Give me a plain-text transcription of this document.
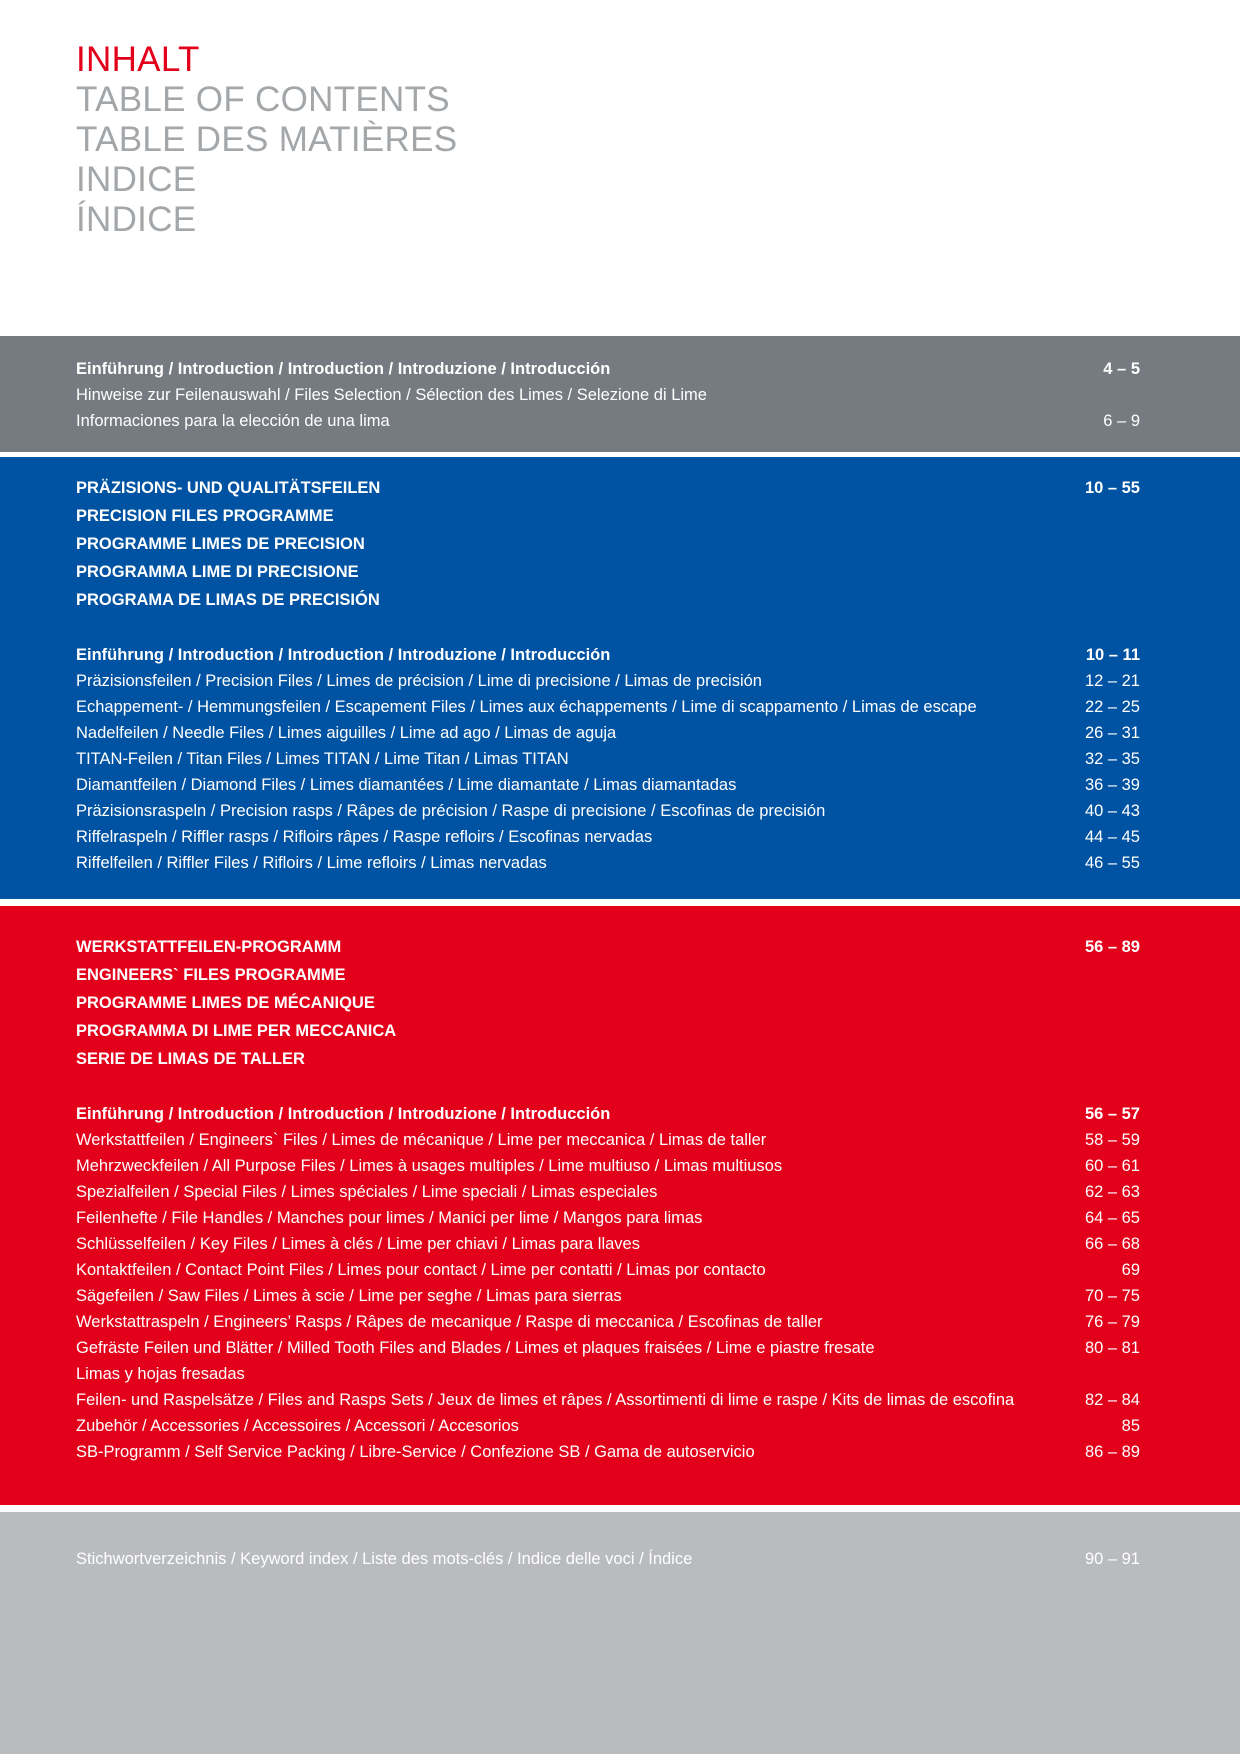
INHALT
TABLE OF CONTENTS
TABLE DES MATIÈRES
INDICE
ÍNDICE
Einführung / Introduction / Introduction / Introduzione / Introducción	4 – 5
Hinweise zur Feilenauswahl / Files Selection / Sélection des Limes / Selezione di Lime
Informaciones para la elección de una lima	6 – 9
PRÄZISIONS- UND QUALITÄTSFEILEN	10 – 55
PRECISION FILES PROGRAMME
PROGRAMME LIMES DE PRECISION
PROGRAMMA LIME DI PRECISIONE
PROGRAMA DE LIMAS DE PRECISIÓN
Einführung / Introduction / Introduction / Introduzione / Introducción	10 – 11
Präzisionsfeilen / Precision Files / Limes de précision / Lime di precisione / Limas de precisión	12 – 21
Echappement- / Hemmungsfeilen / Escapement Files / Limes aux échappements / Lime di scappamento / Limas de escape	22 – 25
Nadelfeilen / Needle Files / Limes aiguilles / Lime ad ago / Limas de aguja	26 – 31
TITAN-Feilen / Titan Files / Limes TITAN / Lime Titan / Limas TITAN	32 – 35
Diamantfeilen / Diamond Files / Limes diamantées / Lime diamantate / Limas diamantadas	36 – 39
Präzisionsraspeln / Precision rasps / Râpes de précision / Raspe di precisione / Escofinas de precisión	40 – 43
Riffelraspeln / Riffler rasps / Rifloirs râpes / Raspe refloirs / Escofinas nervadas	44 – 45
Riffelfeilen / Riffler Files / Rifloirs / Lime refloirs / Limas nervadas	46 – 55
WERKSTATTFEILEN-PROGRAMM	56 – 89
ENGINEERS` FILES PROGRAMME
PROGRAMME LIMES DE MÉCANIQUE
PROGRAMMA DI LIME PER MECCANICA
SERIE DE LIMAS DE TALLER
Einführung / Introduction / Introduction / Introduzione / Introducción	56 – 57
Werkstattfeilen / Engineers` Files / Limes de mécanique / Lime per meccanica / Limas de taller	58 – 59
Mehrzweckfeilen / All Purpose Files / Limes à usages multiples / Lime multiuso / Limas multiusos	60 – 61
Spezialfeilen / Special Files / Limes spéciales / Lime speciali / Limas especiales	62 – 63
Feilenhefte / File Handles / Manches pour limes / Manici per lime / Mangos para limas	64 – 65
Schlüsselfeilen / Key Files / Limes à clés / Lime per chiavi / Limas para llaves	66 – 68
Kontaktfeilen / Contact Point Files / Limes pour contact / Lime per contatti / Limas por contacto	69
Sägefeilen / Saw Files / Limes à scie / Lime per seghe / Limas para sierras	70 – 75
Werkstattraspeln / Engineers’ Rasps / Râpes de mecanique / Raspe di meccanica / Escofinas de taller	76 – 79
Gefräste Feilen und Blätter / Milled Tooth Files and Blades / Limes et plaques fraisées / Lime e piastre fresate	80 – 81
Limas y hojas fresadas
Feilen- und Raspelsätze / Files and Rasps Sets / Jeux de limes et râpes / Assortimenti di lime e raspe / Kits de limas de escofina	82 – 84
Zubehör / Accessories / Accessoires / Accessori / Accesorios	85
SB-Programm / Self Service Packing / Libre-Service / Confezione SB / Gama de autoservicio	86 – 89
Stichwortverzeichnis / Keyword index / Liste des mots-clés / Indice delle voci / Índice	90 – 91
